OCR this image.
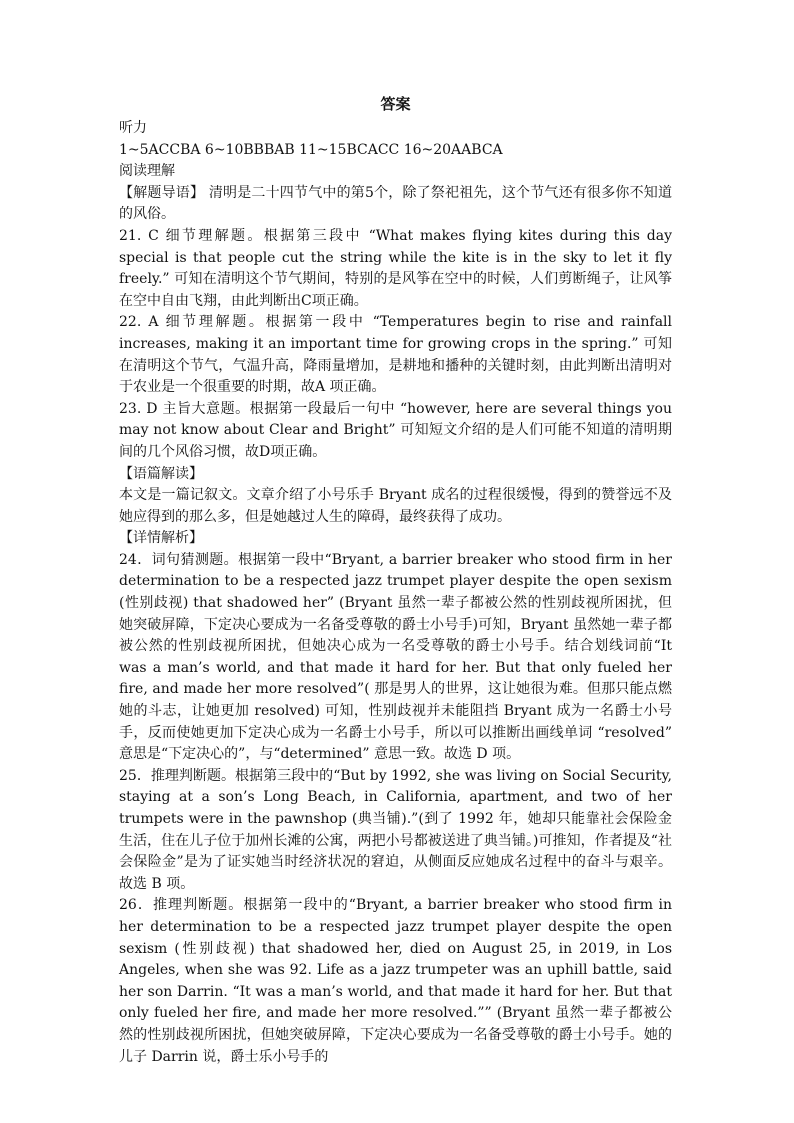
答案

听力

1~5ACCBA 6~10BBBAB 11~15BCACC 16~20AABCA

阅读理解

【解题导语】 清明是二十四节气中的第5个，除了祭祀祖先，这个节气还有很多你不知道的风俗。

21. C 细节理解题。根据第三段中 “What makes flying kites during this day special is that people cut the string while the kite is in the sky to let it fly freely.” 可知在清明这个节气期间，特别的是风筝在空中的时候，人们剪断绳子，让风筝在空中自由飞翔，由此判断出C项正确。

22. A 细节理解题。根据第一段中 “Temperatures begin to rise and rainfall increases, making it an important time for growing crops in the spring.” 可知在清明这个节气，气温升高，降雨量增加，是耕地和播种的关键时刻，由此判断出清明对于农业是一个很重要的时期，故A 项正确。

23. D 主旨大意题。根据第一段最后一句中 “however, here are several things you may not know about Clear and Bright” 可知短文介绍的是人们可能不知道的清明期间的几个风俗习惯，故D项正确。

【语篇解读】

本文是一篇记叙文。文章介绍了小号乐手 Bryant 成名的过程很缓慢，得到的赞誉远不及她应得到的那么多，但是她越过人生的障碍，最终获得了成功。

【详情解析】

24．词句猜测题。根据第一段中“Bryant, a barrier breaker who stood firm in her determination to be a respected jazz trumpet player despite the open sexism (性别歧视) that shadowed her” (Bryant 虽然一辈子都被公然的性别歧视所困扰，但她突破屏障，下定决心要成为一名备受尊敬的爵士小号手)可知，Bryant 虽然她一辈子都被公然的性别歧视所困扰，但她决心成为一名受尊敬的爵士小号手。结合划线词前“It was a man’s world, and that made it hard for her. But that only fueled her fire, and made her more resolved”( 那是男人的世界，这让她很为难。但那只能点燃她的斗志，让她更加 resolved) 可知，性别歧视并未能阻挡 Bryant 成为一名爵士小号手，反而使她更加下定决心成为一名爵士小号手，所以可以推断出画线单词 “resolved” 意思是“下定决心的”，与“determined” 意思一致。故选 D 项。

25．推理判断题。根据第三段中的“But by 1992, she was living on Social Security, staying at a son’s Long Beach, in California, apartment, and two of her trumpets were in the pawnshop (典当铺).”(到了 1992 年，她却只能靠社会保险金生活，住在儿子位于加州长滩的公寓，两把小号都被送进了典当铺。)可推知，作者提及“社会保险金”是为了证实她当时经济状况的窘迫，从侧面反应她成名过程中的奋斗与艰辛。故选 B 项。

26．推理判断题。根据第一段中的“Bryant, a barrier breaker who stood firm in her determination to be a respected jazz trumpet player despite the open sexism (性别歧视) that shadowed her, died on August 25, in 2019, in Los Angeles, when she was 92. Life as a jazz trumpeter was an uphill battle, said her son Darrin. “It was a man’s world, and that made it hard for her. But that only fueled her fire, and made her more resolved.”” (Bryant 虽然一辈子都被公然的性别歧视所困扰，但她突破屏障，下定决心要成为一名备受尊敬的爵士小号手。她的儿子 Darrin 说，爵士乐小号手的
